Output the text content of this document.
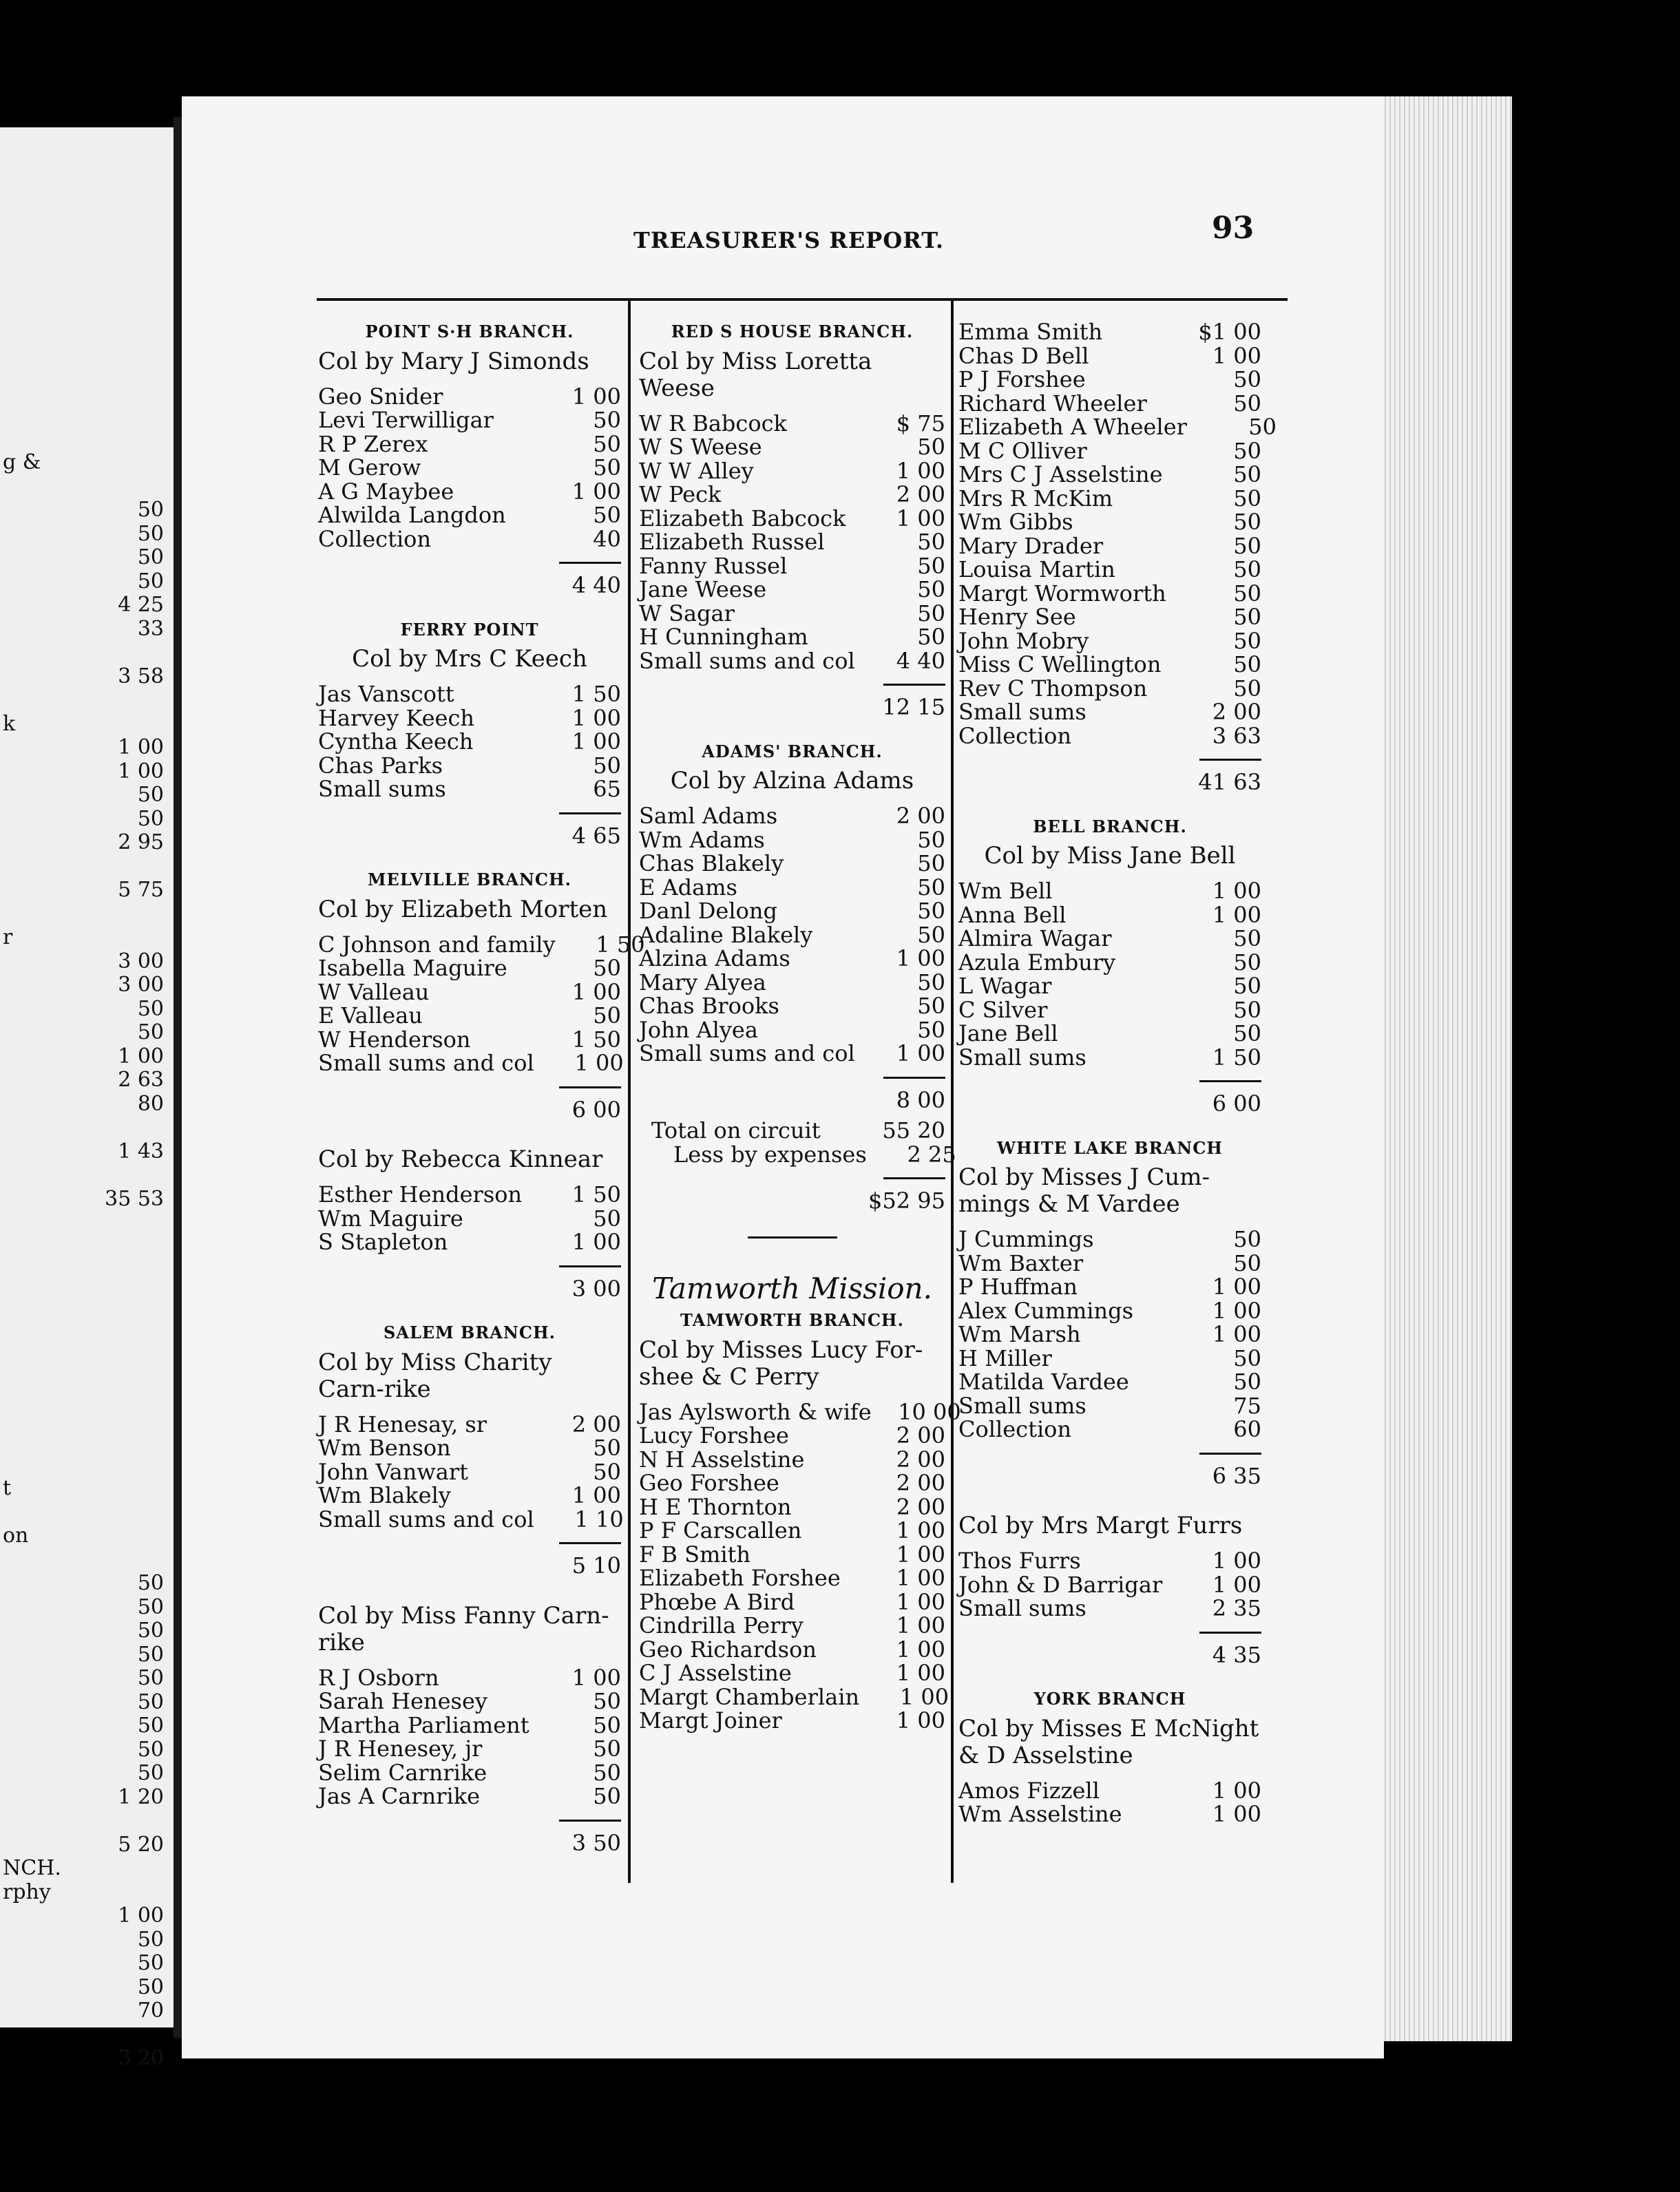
g &
50
50
50
50
4 25
33
3 58
k
1 00
1 00
50
50
2 95
5 75
r
3 00
3 00
50
50
1 00
2 63
80
1 43
35 53
t
on
50
50
50
50
50
50
50
50
50
1 20
5 20
NCH.
rphy
1 00
50
50
50
70
3 20
TREASURER'S REPORT.	93
POINT S·H BRANCH.
Col by Mary J Simonds
Geo Snider	1 00
Levi Terwilligar	50
R P Zerex	50
M Gerow	50
A G Maybee	1 00
Alwilda Langdon	50
Collection	40
4 40
FERRY POINT
Col by Mrs C Keech
Jas Vanscott	1 50
Harvey Keech	1 00
Cyntha Keech	1 00
Chas Parks	50
Small sums	65
4 65
MELVILLE BRANCH.
Col by Elizabeth Morten
C Johnson and family	1 50
Isabella Maguire	50
W Valleau	1 00
E Valleau	50
W Henderson	1 50
Small sums and col	1 00
6 00
Col by Rebecca Kinnear
Esther Henderson	1 50
Wm Maguire	50
S Stapleton	1 00
3 00
SALEM BRANCH.
Col by Miss Charity Carn-rike
J R Henesay, sr	2 00
Wm Benson	50
John Vanwart	50
Wm Blakely	1 00
Small sums and col	1 10
5 10
Col by Miss Fanny Carn-rike
R J Osborn	1 00
Sarah Henesey	50
Martha Parliament	50
J R Henesey, jr	50
Selim Carnrike	50
Jas A Carnrike	50
3 50
RED S HOUSE BRANCH.
Col by Miss Loretta Weese
W R Babcock	$ 75
W S Weese	50
W W Alley	1 00
W Peck	2 00
Elizabeth Babcock	1 00
Elizabeth Russel	50
Fanny Russel	50
Jane Weese	50
W Sagar	50
H Cunningham	50
Small sums and col	4 40
12 15
ADAMS' BRANCH.
Col by Alzina Adams
Saml Adams	2 00
Wm Adams	50
Chas Blakely	50
E Adams	50
Danl Delong	50
Adaline Blakely	50
Alzina Adams	1 00
Mary Alyea	50
Chas Brooks	50
John Alyea	50
Small sums and col	1 00
8 00
Total on circuit	55 20
Less by expenses	2 25
$52 95
Tamworth Mission.
TAMWORTH BRANCH.
Col by Misses Lucy For-shee & C Perry
Jas Aylsworth & wife	10 00
Lucy Forshee	2 00
N H Asselstine	2 00
Geo Forshee	2 00
H E Thornton	2 00
P F Carscallen	1 00
F B Smith	1 00
Elizabeth Forshee	1 00
Phœbe A Bird	1 00
Cindrilla Perry	1 00
Geo Richardson	1 00
C J Asselstine	1 00
Margt Chamberlain	1 00
Margt Joiner	1 00
Emma Smith	$1 00
Chas D Bell	1 00
P J Forshee	50
Richard Wheeler	50
Elizabeth A Wheeler	50
M C Olliver	50
Mrs C J Asselstine	50
Mrs R McKim	50
Wm Gibbs	50
Mary Drader	50
Louisa Martin	50
Margt Wormworth	50
Henry See	50
John Mobry	50
Miss C Wellington	50
Rev C Thompson	50
Small sums	2 00
Collection	3 63
41 63
BELL BRANCH.
Col by Miss Jane Bell
Wm Bell	1 00
Anna Bell	1 00
Almira Wagar	50
Azula Embury	50
L Wagar	50
C Silver	50
Jane Bell	50
Small sums	1 50
6 00
WHITE LAKE BRANCH
Col by Misses J Cum-mings & M Vardee
J Cummings	50
Wm Baxter	50
P Huffman	1 00
Alex Cummings	1 00
Wm Marsh	1 00
H Miller	50
Matilda Vardee	50
Small sums	75
Collection	60
6 35
Col by Mrs Margt Furrs
Thos Furrs	1 00
John & D Barrigar	1 00
Small sums	2 35
4 35
YORK BRANCH
Col by Misses E McNight & D Asselstine
Amos Fizzell	1 00
Wm Asselstine	1 00
